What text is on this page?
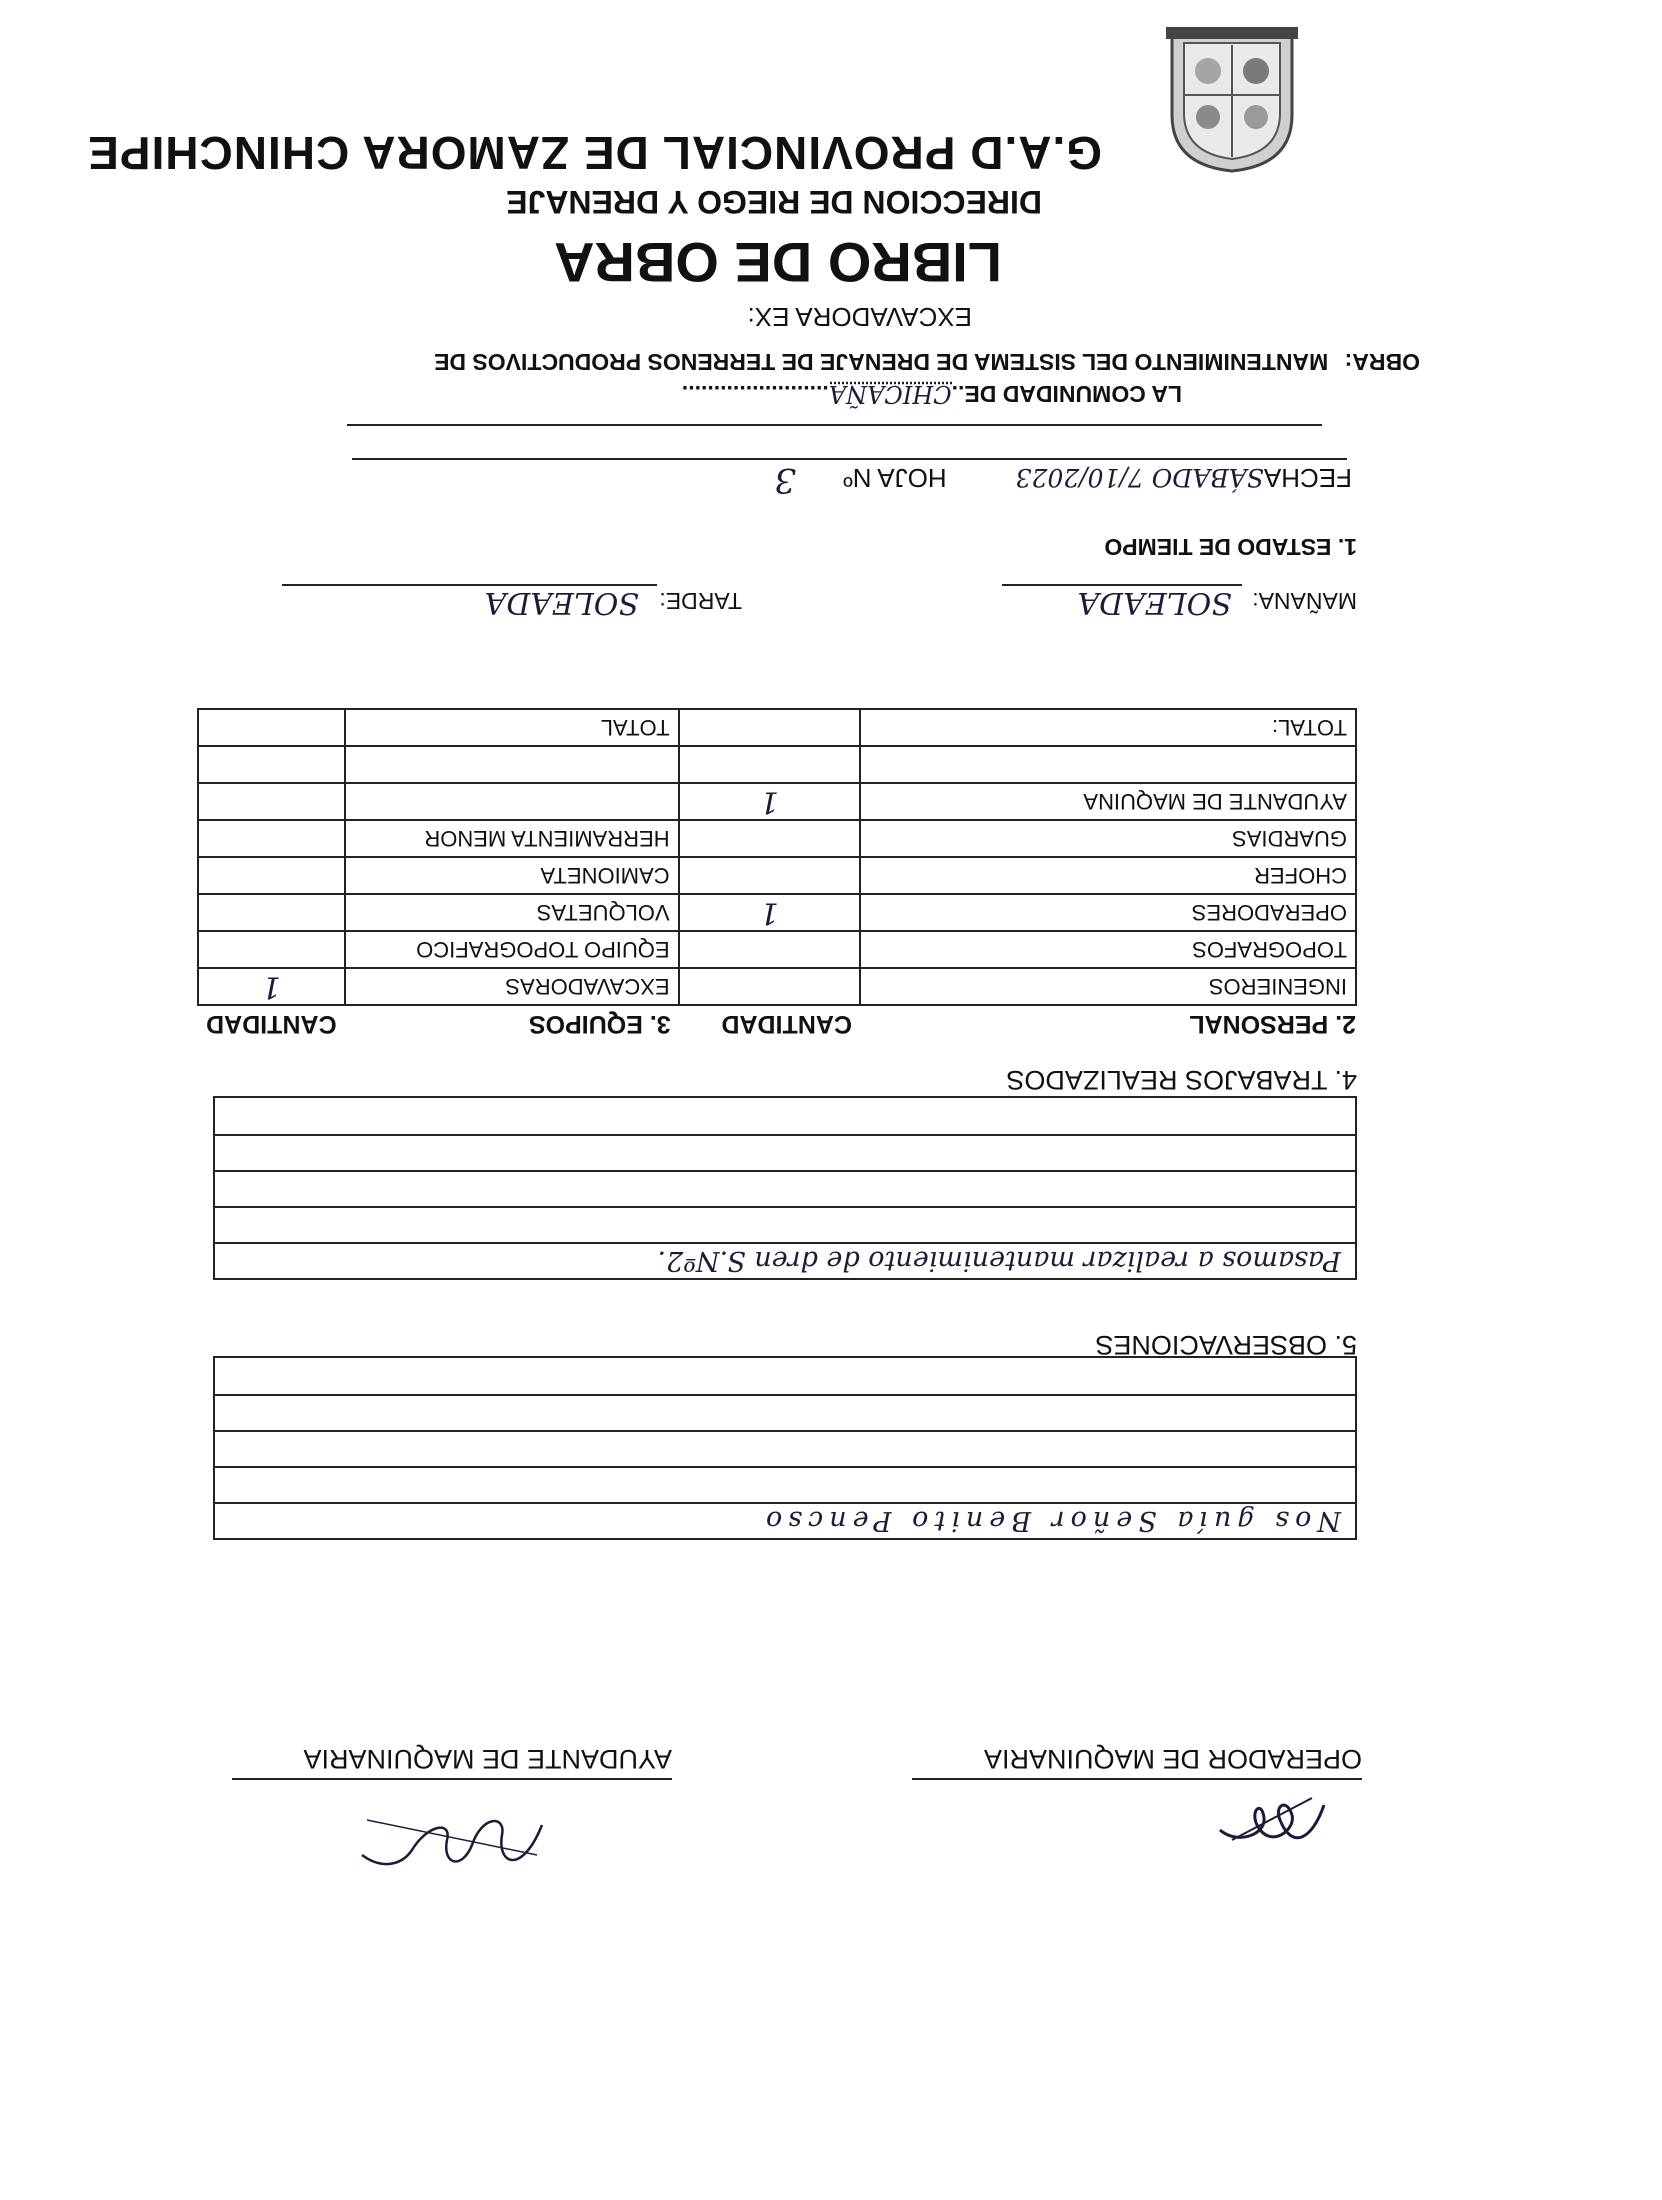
G.A.D PROVINCIAL DE ZAMORA CHINCHIPE
DIRECCION DE RIEGO Y DRENAJE
LIBRO DE OBRA
EXCAVADORA EX:
OBRA: MANTENIMIENTO DEL SISTEMA DE DRENAJE DE TERRENOS PRODUCTIVOS DE
LA COMUNIDAD DE..CHICAÑA.......................
FECHASÁBADO 7/10/2023 HOJA Nº 3
1. ESTADO DE TIEMPO
MAÑANA: SOLEADA
TARDE: SOLEADA
2. PERSONAL	CANTIDAD	3. EQUIPOS	CANTIDAD
INGENIEROS		EXCAVADORAS	1
TOPOGRAFOS		EQUIPO TOPOGRAFICO	
OPERADORES	1	VOLQUETAS	
CHOFER		CAMIONETA	
GUARDIAS		HERRAMIENTA MENOR	
AYUDANTE DE MAQUINA	1		

TOTAL:		TOTAL	
4. TRABAJOS REALIZADOS
Pasamos a realizar mantenimiento de dren S.Nº2.
5. OBSERVACIONES
Nos guía Señor Benito Pencso
OPERADOR DE MAQUINARIA
AYUDANTE DE MAQUINARIA
